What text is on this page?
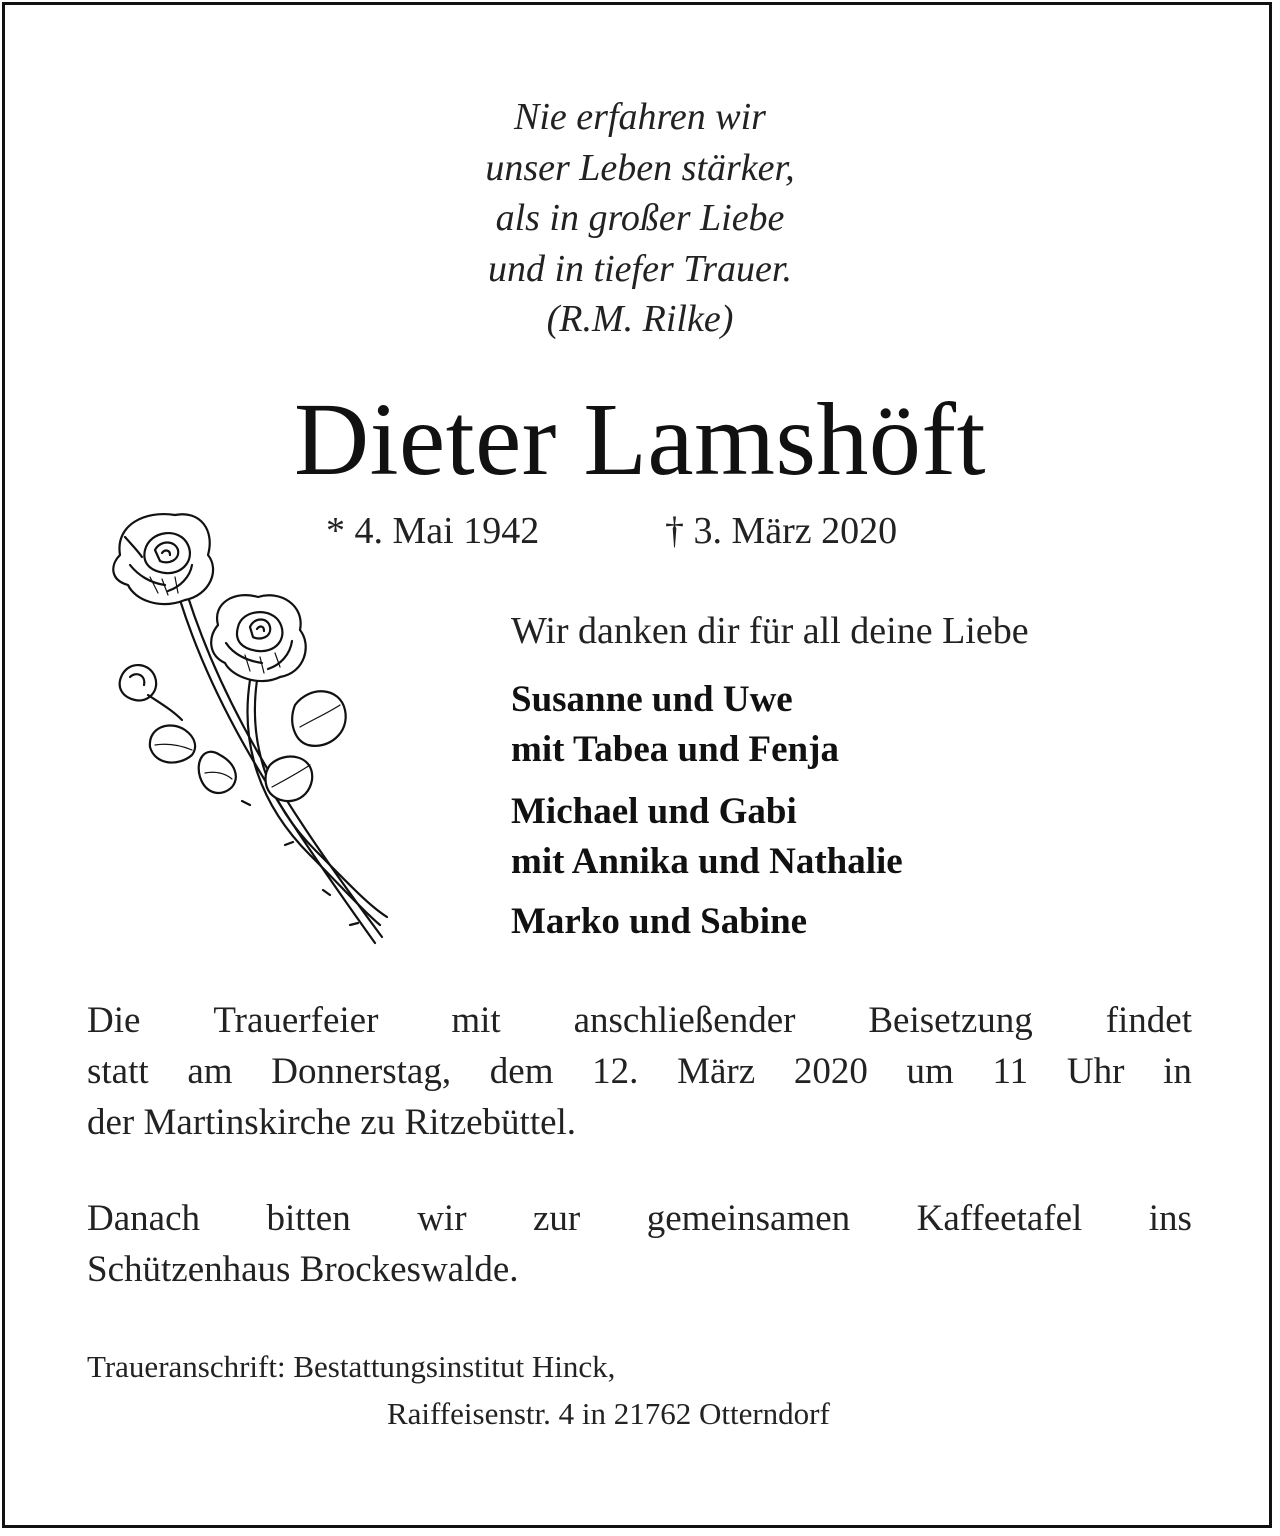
Nie erfahren wir
unser Leben stärker,
als in großer Liebe
und in tiefer Trauer.
(R.M. Rilke)
Dieter Lamshöft
* 4. Mai 1942	† 3. März 2020
Wir danken dir für all deine Liebe
Susanne und Uwe
mit Tabea und Fenja
Michael und Gabi
mit Annika und Nathalie
Marko und Sabine
Die Trauerfeier mit anschließender Beisetzung findet
statt am Donnerstag, dem 12. März 2020 um 11 Uhr in
der Martinskirche zu Ritzebüttel.
Danach bitten wir zur gemeinsamen Kaffeetafel ins
Schützenhaus Brockeswalde.
Traueranschrift: Bestattungsinstitut Hinck,
Raiffeisenstr. 4 in 21762 Otterndorf
